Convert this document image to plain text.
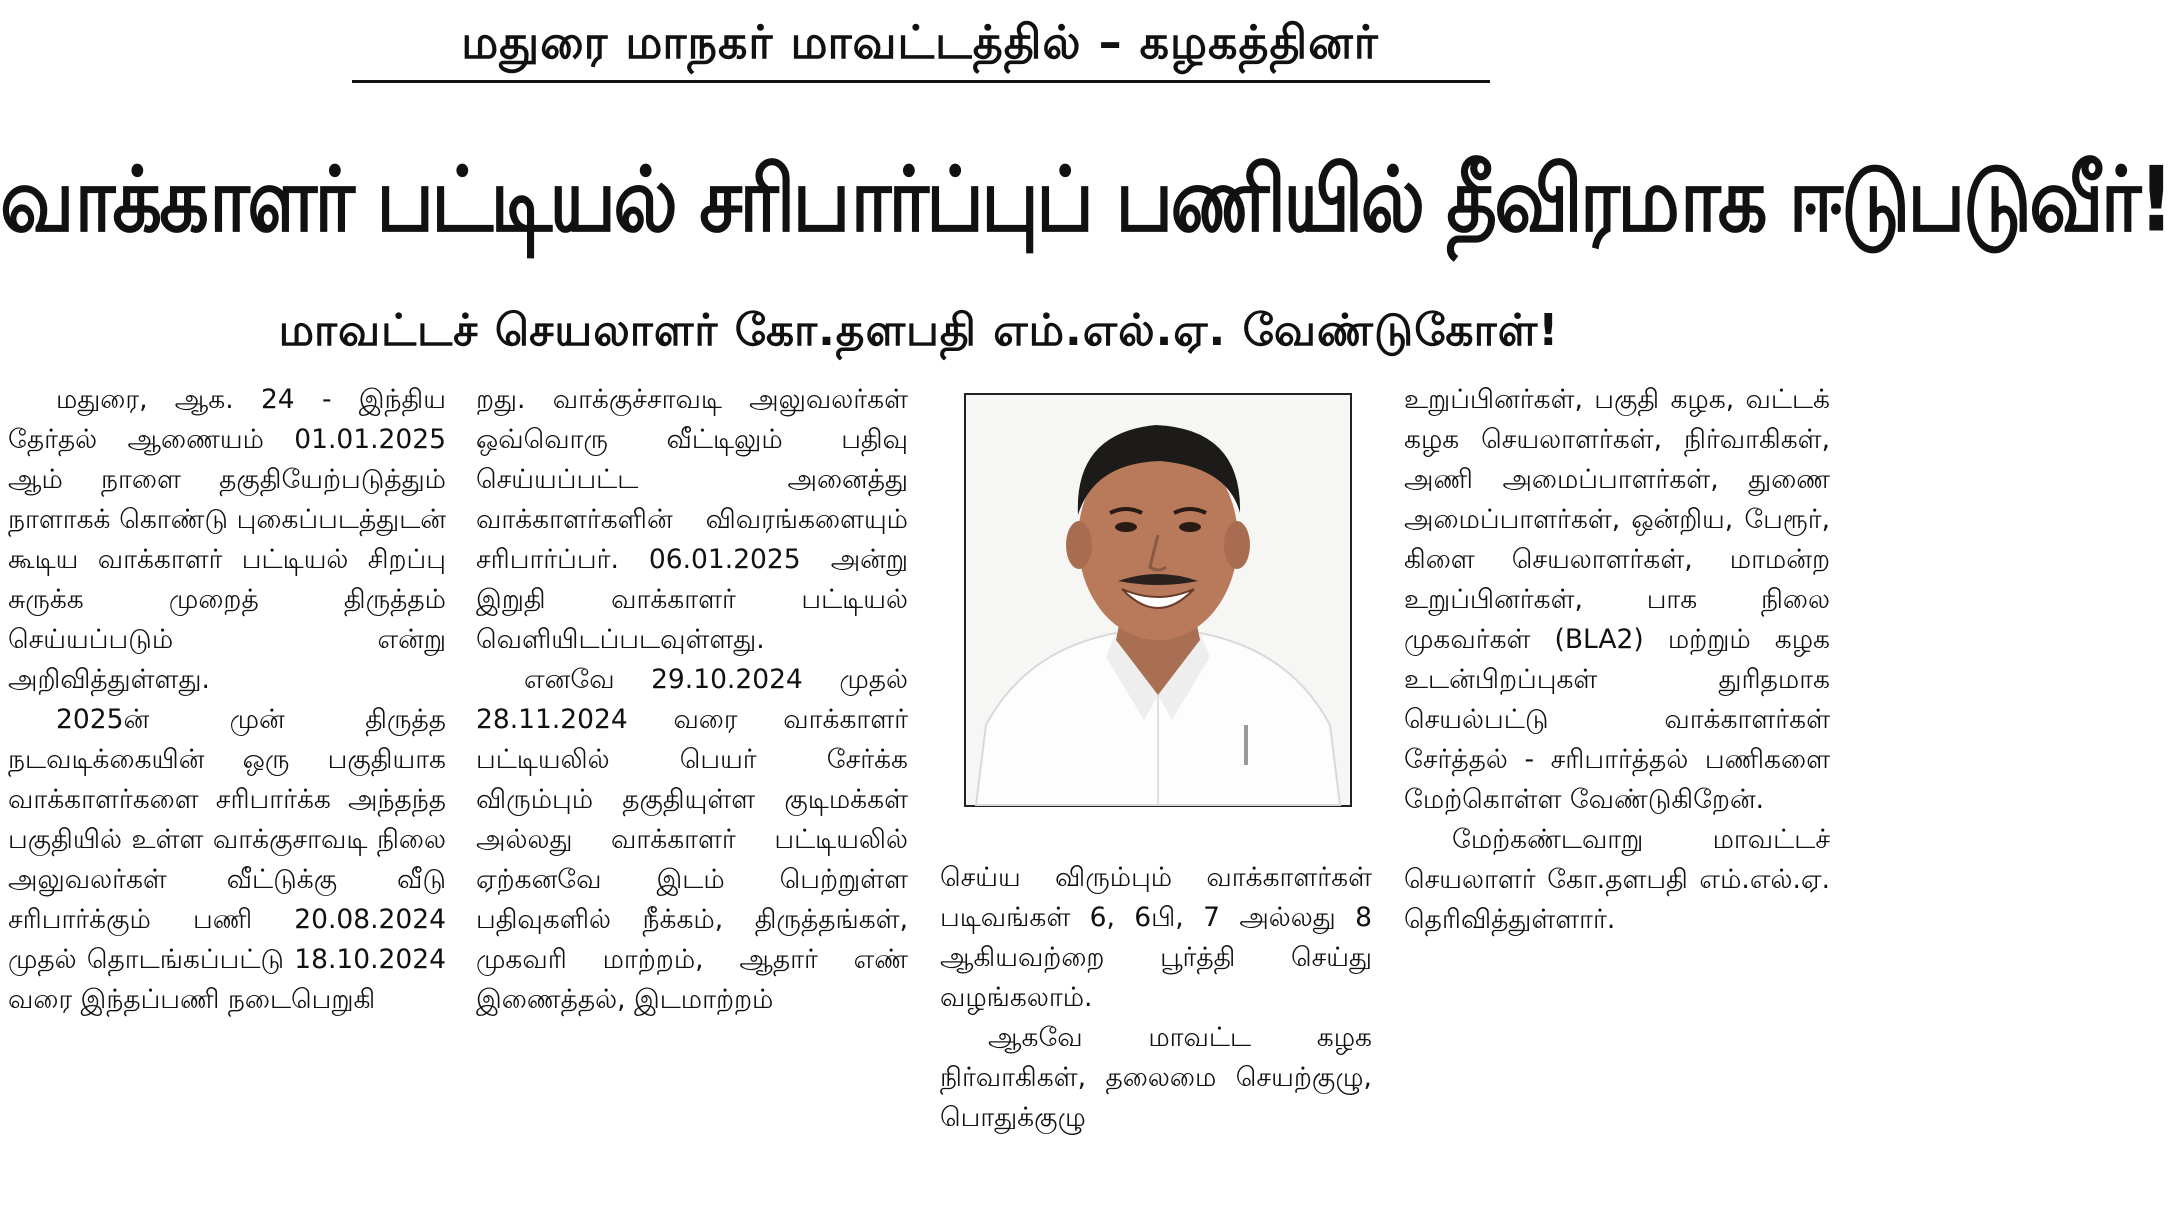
மதுரை மாநகர் மாவட்டத்தில் – கழகத்தினர்
வாக்காளர் பட்டியல் சரிபார்ப்புப் பணியில் தீவிரமாக ஈடுபடுவீர்!
மாவட்டச் செயலாளர் கோ.தளபதி எம்.எல்.ஏ. வேண்டுகோள்!

மதுரை, ஆக. 24 - இந்திய தேர்தல் ஆணையம் 01.01.2025 ஆம் நாளை தகுதியேற்படுத்தும் நாளாகக் கொண்டு புகைப்படத்துடன் கூடிய வாக்காளர் பட்டியல் சிறப்பு சுருக்க முறைத் திருத்தம் செய்யப்படும் என்று அறிவித்துள்ளது.

2025ன் முன் திருத்த நடவடிக்கையின் ஒரு பகுதியாக வாக்காளர்களை சரிபார்க்க அந்தந்த பகுதியில் உள்ள வாக்குசாவடி நிலை அலுவலர்கள் வீட்டுக்கு வீடு சரிபார்க்கும் பணி 20.08.2024 முதல் தொடங்கப்பட்டு 18.10.2024 வரை இந்தப்பணி நடைபெறுகி

றது. வாக்குச்சாவடி அலுவலர்கள் ஒவ்வொரு வீட்டிலும் பதிவு செய்யப்பட்ட அனைத்து வாக்காளர்களின் விவரங்களையும் சரிபார்ப்பர். 06.01.2025 அன்று இறுதி வாக்காளர் பட்டியல் வெளியிடப்படவுள்ளது.

எனவே 29.10.2024 முதல் 28.11.2024 வரை வாக்காளர் பட்டியலில் பெயர் சேர்க்க விரும்பும் தகுதியுள்ள குடிமக்கள் அல்லது வாக்காளர் பட்டியலில் ஏற்கனவே இடம் பெற்றுள்ள பதிவுகளில் நீக்கம், திருத்தங்கள், முகவரி மாற்றம், ஆதார் எண் இணைத்தல், இடமாற்றம்

செய்ய விரும்பும் வாக்காளர்கள் படிவங்கள் 6, 6பி, 7 அல்லது 8 ஆகியவற்றை பூர்த்தி செய்து வழங்கலாம்.

ஆகவே மாவட்ட கழக நிர்வாகிகள், தலைமை செயற்குழு, பொதுக்குழு

உறுப்பினர்கள், பகுதி கழக, வட்டக் கழக செயலாளர்கள், நிர்வாகிகள், அணி அமைப்பாளர்கள், துணை அமைப்பாளர்கள், ஒன்றிய, பேரூர், கிளை செயலாளர்கள், மாமன்ற உறுப்பினர்கள், பாக நிலை முகவர்கள் (BLA2) மற்றும் கழக உடன்பிறப்புகள் துரிதமாக செயல்பட்டு வாக்காளர்கள் சேர்த்தல் - சரிபார்த்தல் பணிகளை மேற்கொள்ள வேண்டுகிறேன்.

மேற்கண்டவாறு மாவட்டச் செயலாளர் கோ.தளபதி எம்.எல்.ஏ. தெரிவித்துள்ளார்.
